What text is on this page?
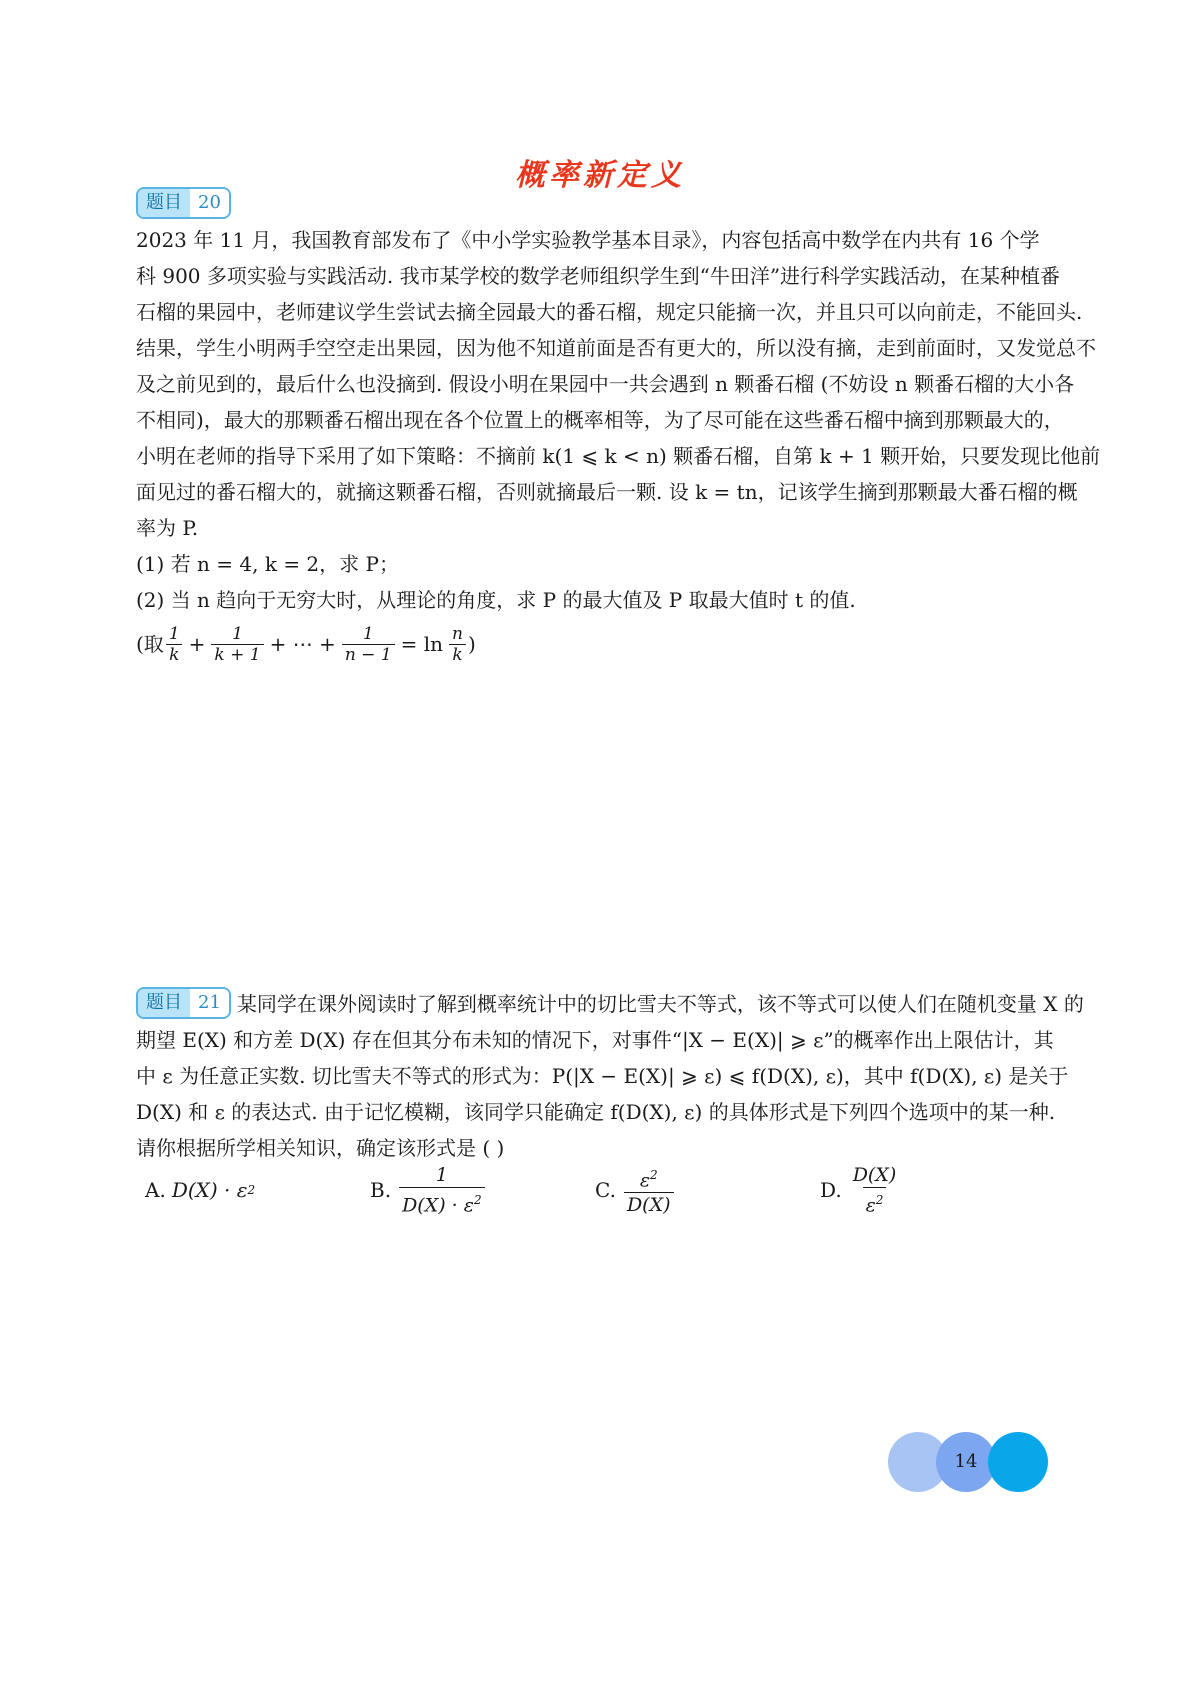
概率新定义

题目 20
2023 年 11 月，我国教育部发布了《中小学实验教学基本目录》，内容包括高中数学在内共有 16 个学
科 900 多项实验与实践活动. 我市某学校的数学老师组织学生到“牛田洋”进行科学实践活动，在某种植番
石榴的果园中，老师建议学生尝试去摘全园最大的番石榴，规定只能摘一次，并且只可以向前走，不能回头.
结果，学生小明两手空空走出果园，因为他不知道前面是否有更大的，所以没有摘，走到前面时，又发觉总不
及之前见到的，最后什么也没摘到. 假设小明在果园中一共会遇到 n 颗番石榴 (不妨设 n 颗番石榴的大小各
不相同)，最大的那颗番石榴出现在各个位置上的概率相等，为了尽可能在这些番石榴中摘到那颗最大的，
小明在老师的指导下采用了如下策略：不摘前 k(1 ⩽ k < n) 颗番石榴，自第 k + 1 颗开始，只要发现比他前
面见过的番石榴大的，就摘这颗番石榴，否则就摘最后一颗. 设 k = tn，记该学生摘到那颗最大番石榴的概
率为 P.
(1) 若 n = 4, k = 2，求 P；
(2) 当 n 趋向于无穷大时，从理论的角度，求 P 的最大值及 P 取最大值时 t 的值.

(取 $\frac{1}{k} + \frac{1}{k + 1}$ + ⋯ + $\frac{1}{n - 1} = \ln \frac{n}{k}$ )

题目 21 某同学在课外阅读时了解到概率统计中的切比雪夫不等式，该不等式可以使人们在随机变量 X 的
期望 E(X) 和方差 D(X) 存在但其分布未知的情况下，对事件“|X − E(X)| ⩾ ε”的概率作出上限估计，其
中 ε 为任意正实数. 切比雪夫不等式的形式为：P(|X − E(X)| ⩾ ε) ⩽ f(D(X), ε)，其中 f(D(X), ε) 是关于
D(X) 和 ε 的表达式. 由于记忆模糊，该同学只能确定 f(D(X), ε) 的具体形式是下列四个选项中的某一种.
请你根据所学相关知识，确定该形式是 ( )

A. D(X) · ε 2	B. $\frac{1}{D(X) \cdot \varepsilon^2}$	C. $\frac{\varepsilon^2}{D(X)}$	D. $\frac{D(X)}{\varepsilon^2}$
14
